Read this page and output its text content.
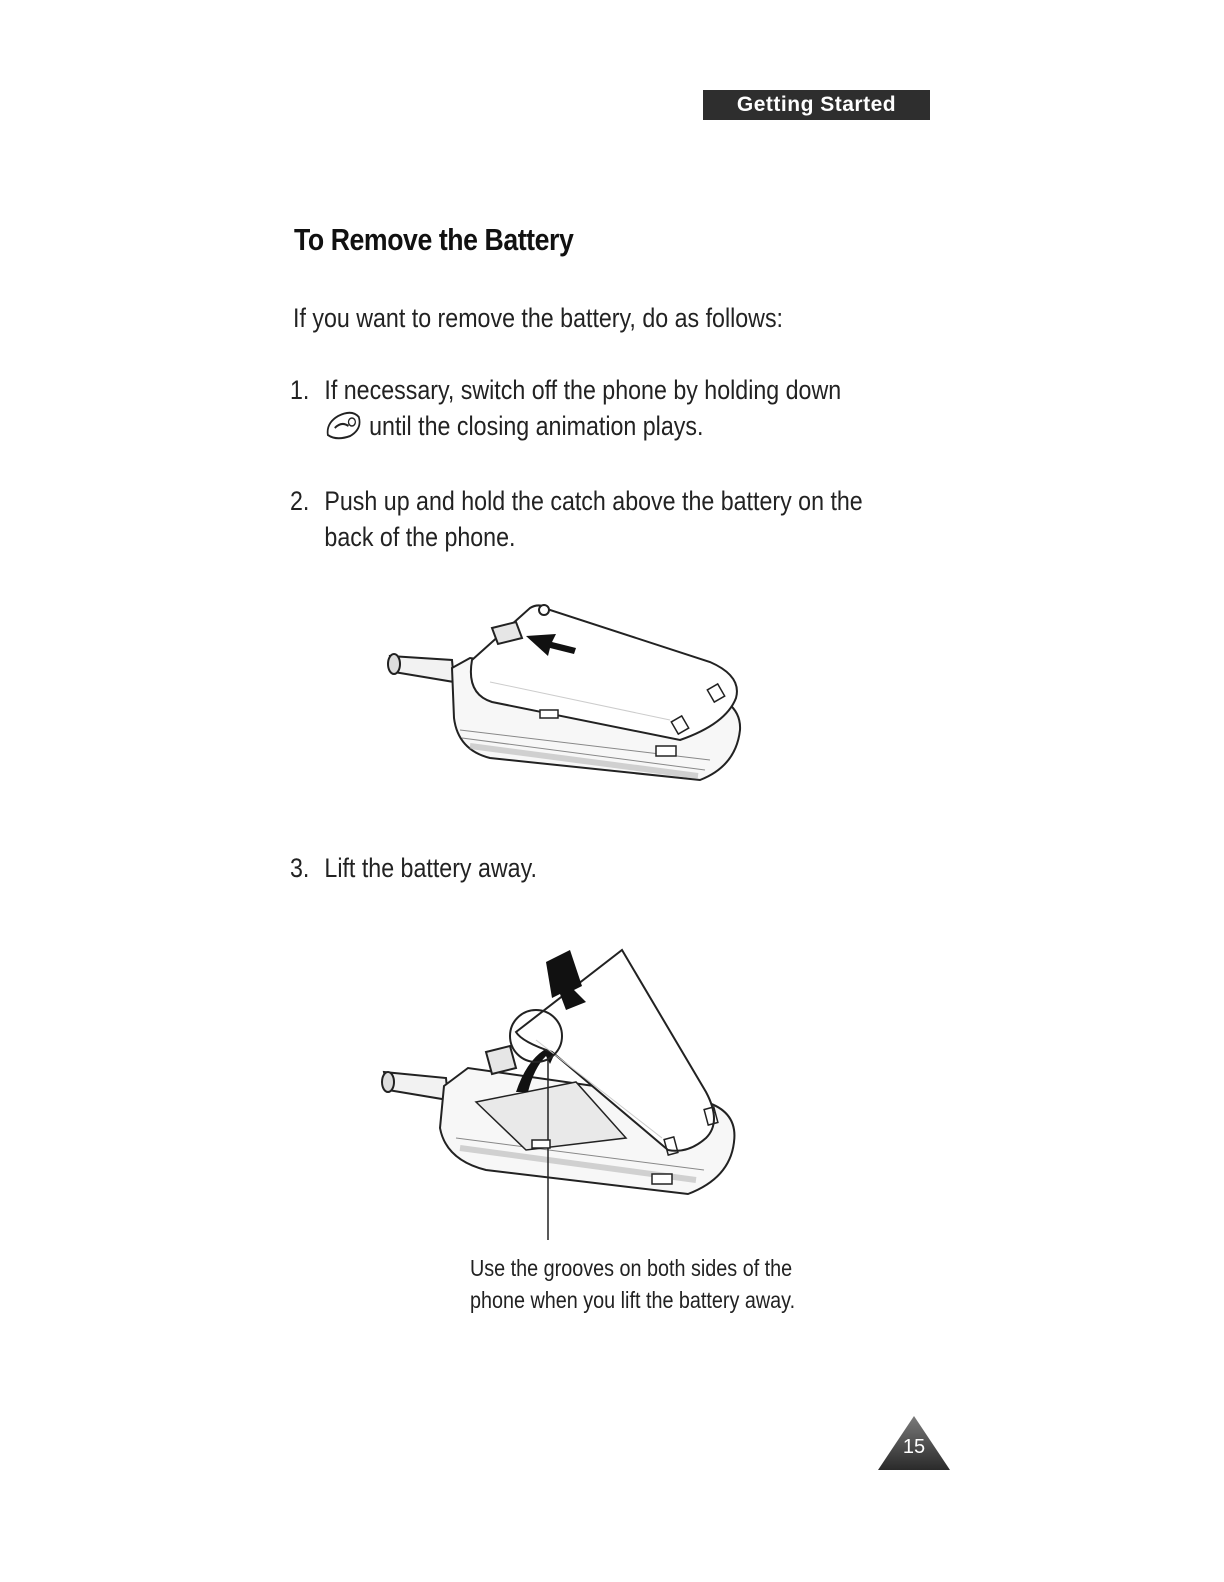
Getting Started
To Remove the Battery
If you want to remove the battery, do as follows:
1. If necessary, switch off the phone by holding down
until the closing animation plays.
2. Push up and hold the catch above the battery on the
back of the phone.
3. Lift the battery away.
Use the grooves on both sides of the
phone when you lift the battery away.
15
